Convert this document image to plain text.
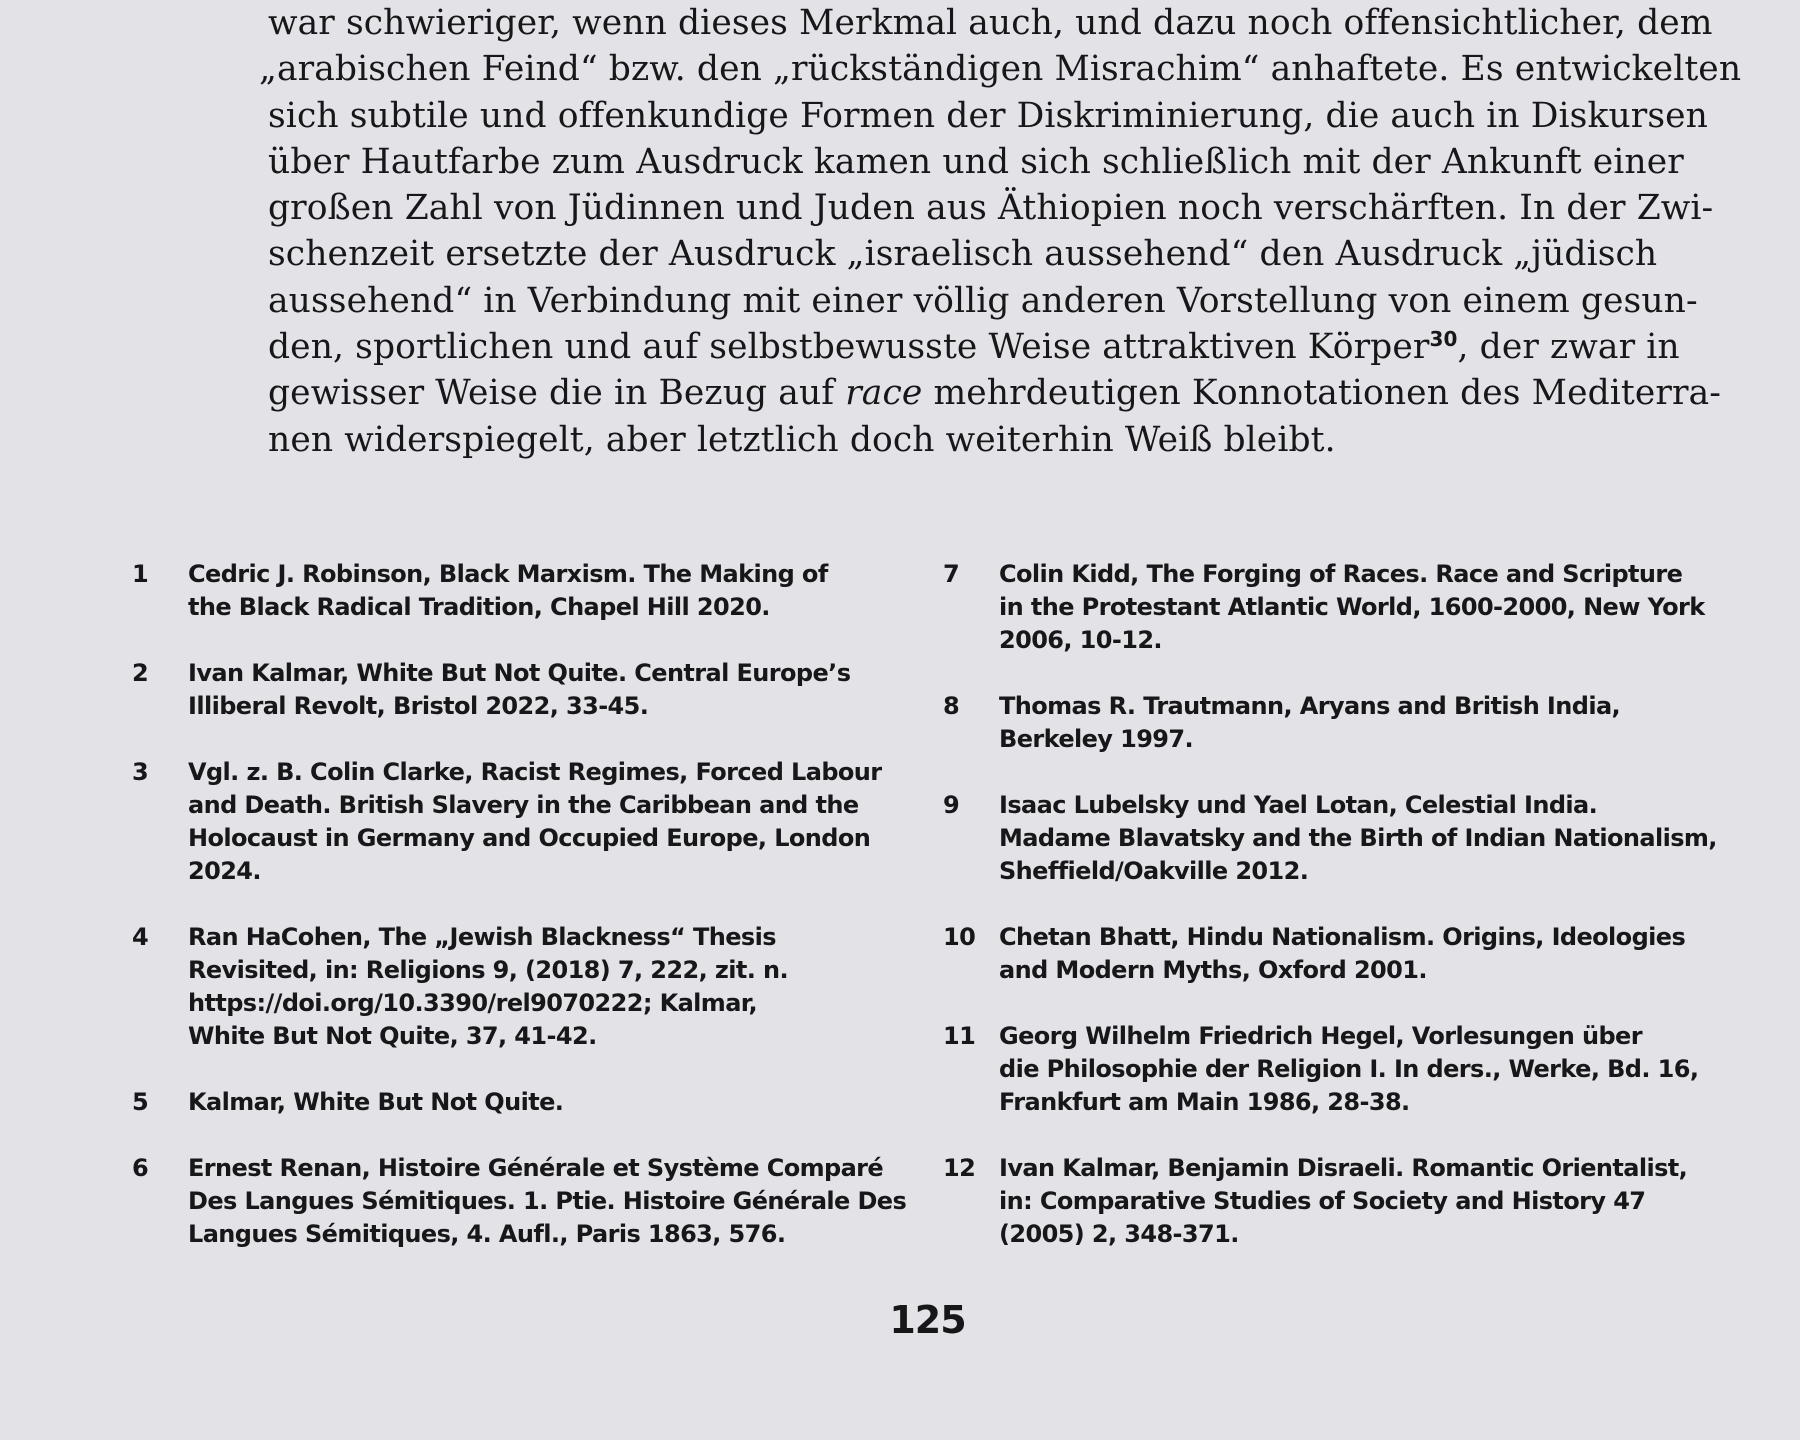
war schwieriger, wenn dieses Merkmal auch, und dazu noch offensichtlicher, dem
„arabischen Feind“ bzw. den „rückständigen Misrachim“ anhaftete. Es entwickelten
sich subtile und offenkundige Formen der Diskriminierung, die auch in Diskursen
über Hautfarbe zum Ausdruck kamen und sich schließlich mit der Ankunft einer
großen Zahl von Jüdinnen und Juden aus Äthiopien noch verschärften. In der Zwi-
schenzeit ersetzte der Ausdruck „israelisch aussehend“ den Ausdruck „jüdisch
aussehend“ in Verbindung mit einer völlig anderen Vorstellung von einem gesun-
den, sportlichen und auf selbstbewusste Weise attraktiven Körper$^{30}$, der zwar in
gewisser Weise die in Bezug auf race mehrdeutigen Konnotationen des Mediterra-
nen widerspiegelt, aber letztlich doch weiterhin Weiß bleibt.
1 Cedric J. Robinson, Black Marxism. The Making of
the Black Radical Tradition, Chapel Hill 2020.
2 Ivan Kalmar, White But Not Quite. Central Europe’s
Illiberal Revolt, Bristol 2022, 33-45.
3 Vgl. z. B. Colin Clarke, Racist Regimes, Forced Labour
and Death. British Slavery in the Caribbean and the
Holocaust in Germany and Occupied Europe, London
2024.
4 Ran HaCohen, The „Jewish Blackness“ Thesis
Revisited, in: Religions 9, (2018) 7, 222, zit. n.
https://doi.org/10.3390/rel9070222; Kalmar,
White But Not Quite, 37, 41-42.
5 Kalmar, White But Not Quite.
6 Ernest Renan, Histoire Générale et Système Comparé
Des Langues Sémitiques. 1. Ptie. Histoire Générale Des
Langues Sémitiques, 4. Aufl., Paris 1863, 576.
7 Colin Kidd, The Forging of Races. Race and Scripture
in the Protestant Atlantic World, 1600-2000, New York
2006, 10-12.
8 Thomas R. Trautmann, Aryans and British India,
Berkeley 1997.
9 Isaac Lubelsky und Yael Lotan, Celestial India.
Madame Blavatsky and the Birth of Indian Nationalism,
Sheffield/Oakville 2012.
10 Chetan Bhatt, Hindu Nationalism. Origins, Ideologies
and Modern Myths, Oxford 2001.
11 Georg Wilhelm Friedrich Hegel, Vorlesungen über
die Philosophie der Religion I. In ders., Werke, Bd. 16,
Frankfurt am Main 1986, 28-38.
12 Ivan Kalmar, Benjamin Disraeli. Romantic Orientalist,
in: Comparative Studies of Society and History 47
(2005) 2, 348-371.
125
